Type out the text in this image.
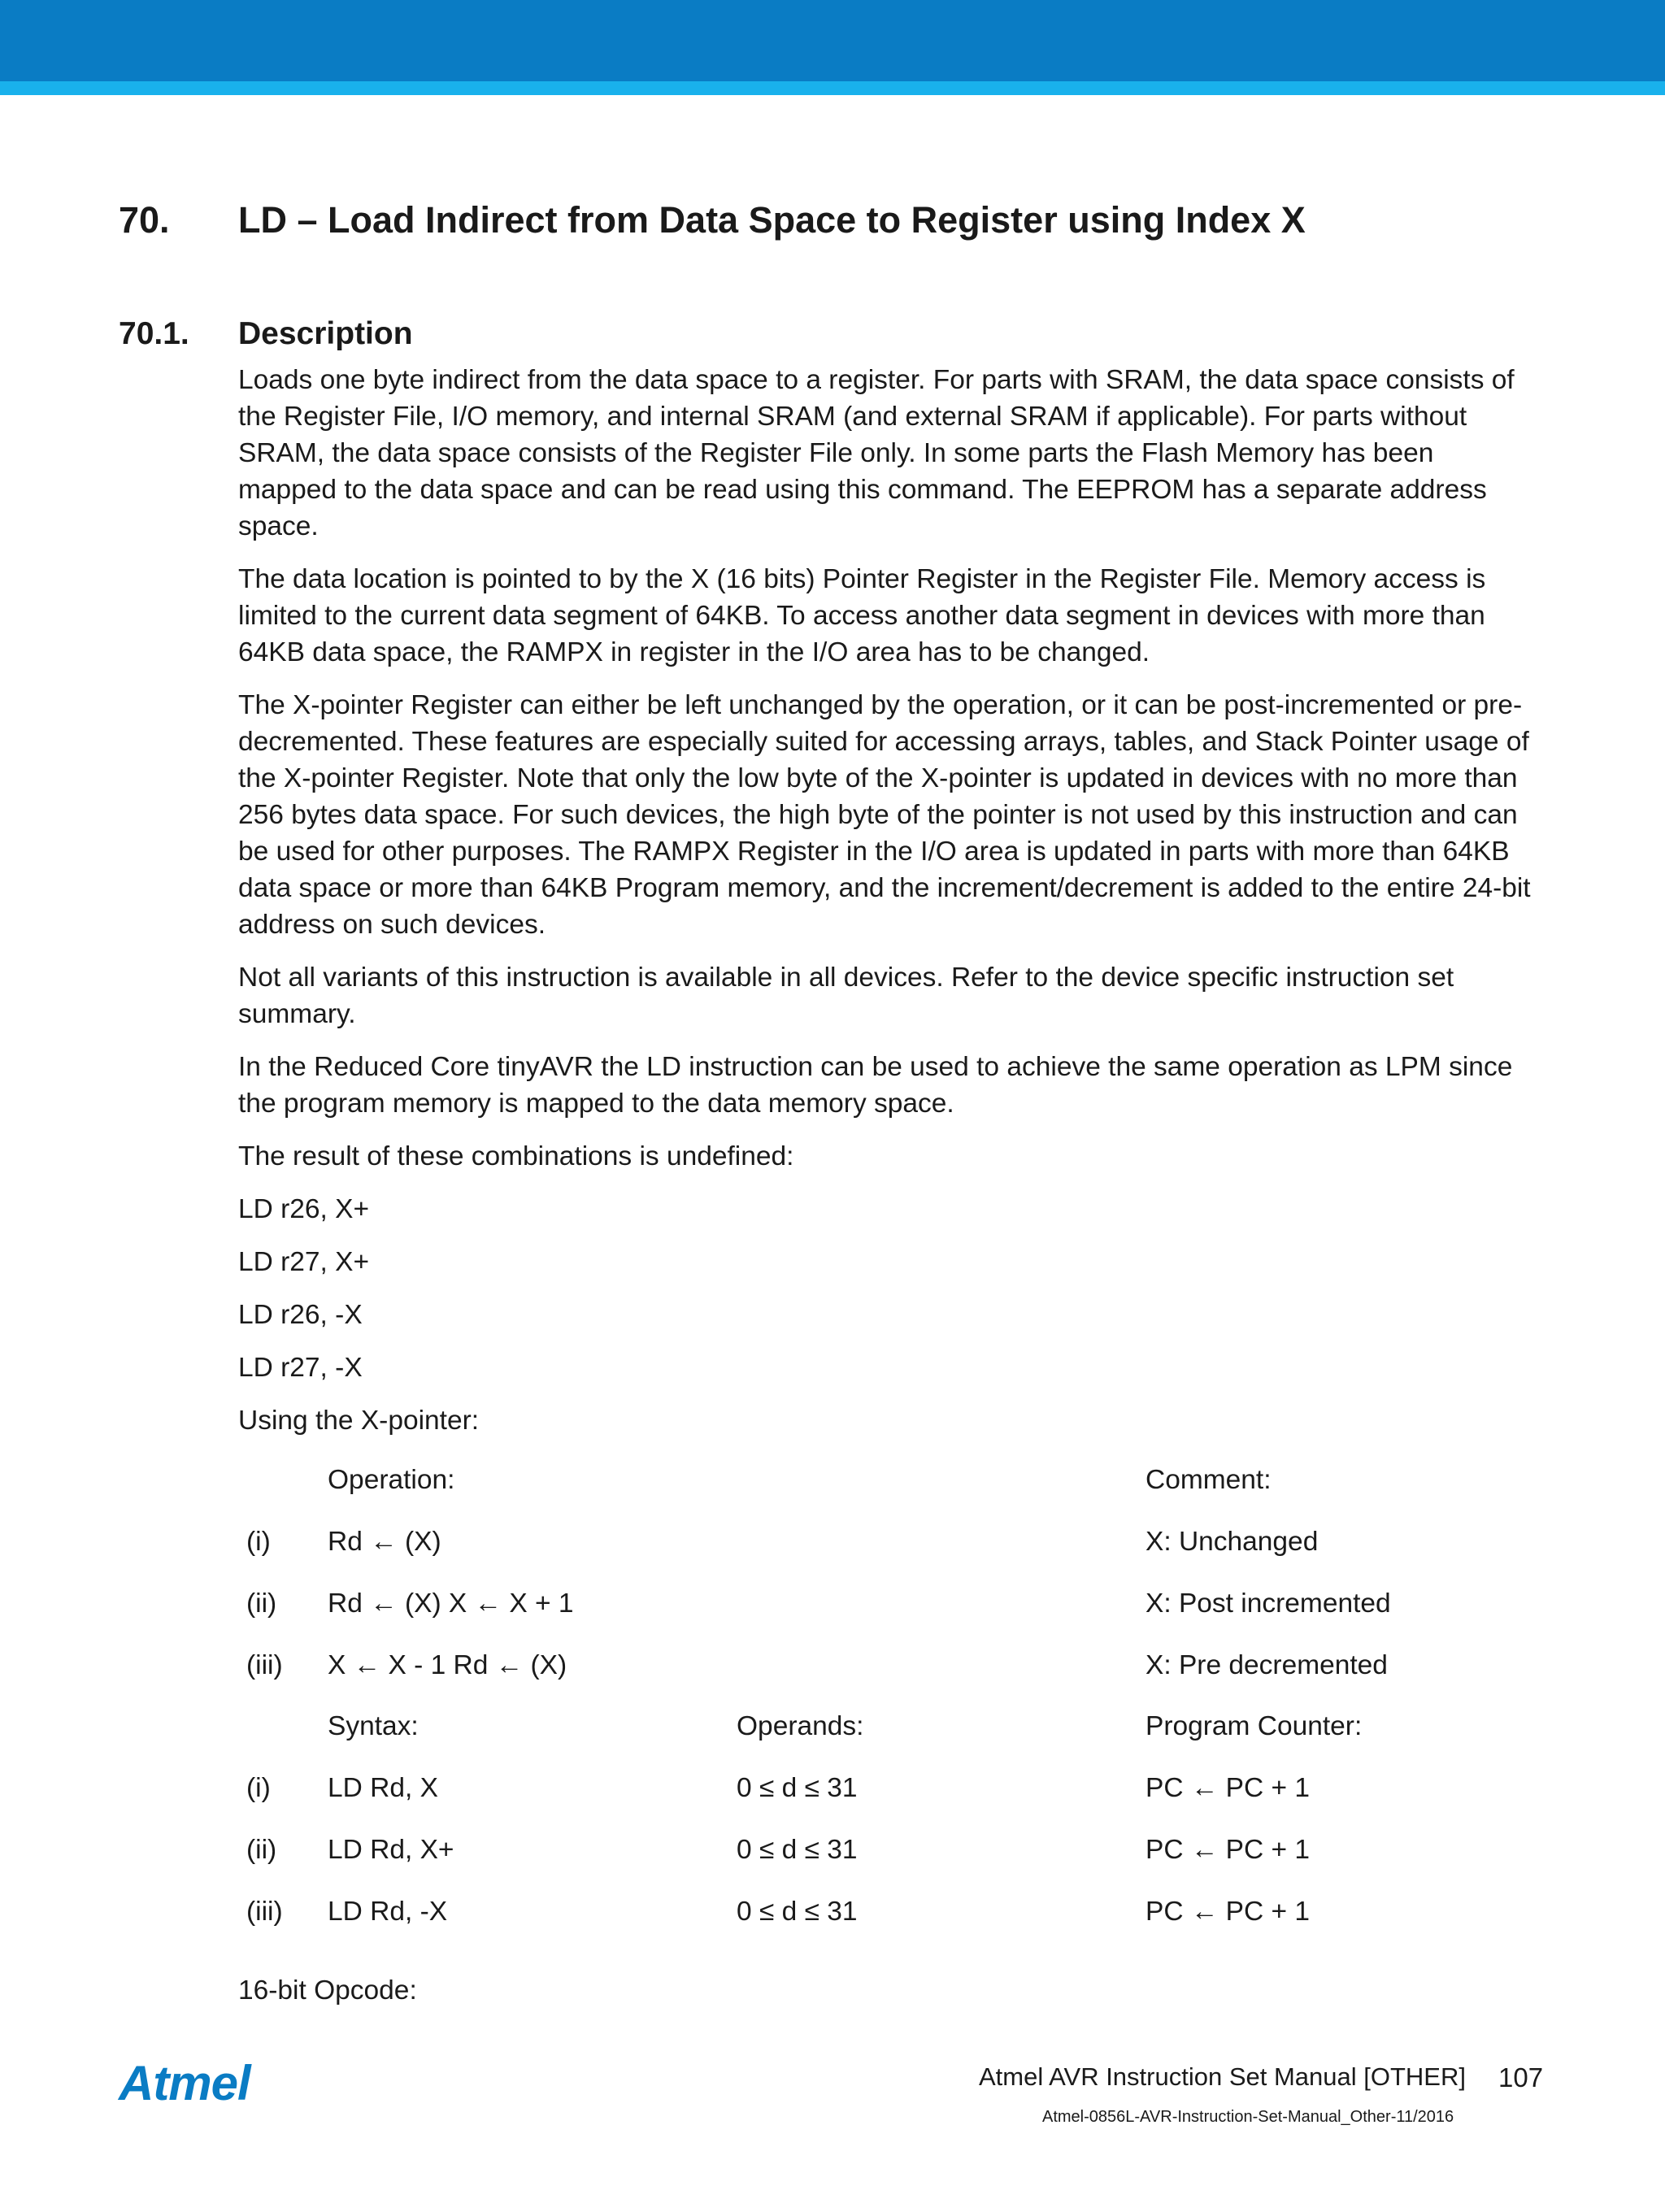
70. LD – Load Indirect from Data Space to Register using Index X
70.1. Description

Loads one byte indirect from the data space to a register. For parts with SRAM, the data space consists of the Register File, I/O memory, and internal SRAM (and external SRAM if applicable). For parts without SRAM, the data space consists of the Register File only. In some parts the Flash Memory has been mapped to the data space and can be read using this command. The EEPROM has a separate address space.

The data location is pointed to by the X (16 bits) Pointer Register in the Register File. Memory access is limited to the current data segment of 64KB. To access another data segment in devices with more than 64KB data space, the RAMPX in register in the I/O area has to be changed.

The X-pointer Register can either be left unchanged by the operation, or it can be post-incremented or pre-decremented. These features are especially suited for accessing arrays, tables, and Stack Pointer usage of the X-pointer Register. Note that only the low byte of the X-pointer is updated in devices with no more than 256 bytes data space. For such devices, the high byte of the pointer is not used by this instruction and can be used for other purposes. The RAMPX Register in the I/O area is updated in parts with more than 64KB data space or more than 64KB Program memory, and the increment/decrement is added to the entire 24-bit address on such devices.

Not all variants of this instruction is available in all devices. Refer to the device specific instruction set summary.

In the Reduced Core tinyAVR the LD instruction can be used to achieve the same operation as LPM since the program memory is mapped to the data memory space.

The result of these combinations is undefined:

LD r26, X+

LD r27, X+

LD r26, -X

LD r27, -X

Using the X-pointer:

Operation:	Comment:
(i) Rd ← (X)	X: Unchanged
(ii) Rd ← (X) X ← X + 1	X: Post incremented
(iii) X ← X - 1 Rd ← (X)	X: Pre decremented
Syntax:	Operands:	Program Counter:
(i) LD Rd, X	0 ≤ d ≤ 31	PC ← PC + 1
(ii) LD Rd, X+	0 ≤ d ≤ 31	PC ← PC + 1
(iii) LD Rd, -X	0 ≤ d ≤ 31	PC ← PC + 1
16-bit Opcode:
Atmel	Atmel AVR Instruction Set Manual [OTHER] 107
Atmel-0856L-AVR-Instruction-Set-Manual_Other-11/2016
